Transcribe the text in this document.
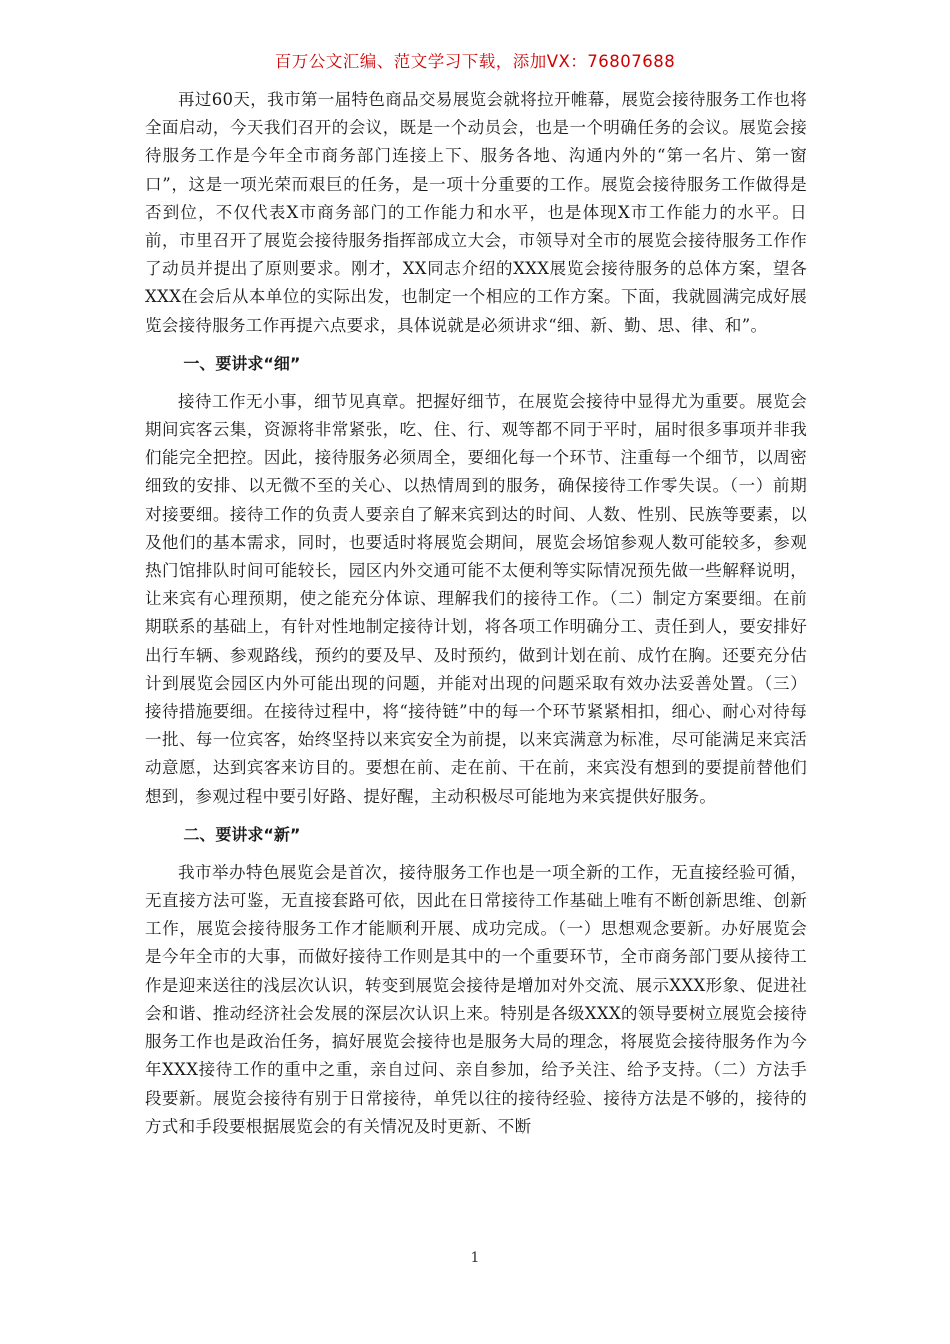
百万公文汇编、范文学习下载，添加VX：76807688

再过60天，我市第一届特色商品交易展览会就将拉开帷幕，展览会接待服务工作也将全面启动，今天我们召开的会议，既是一个动员会，也是一个明确任务的会议。展览会接待服务工作是今年全市商务部门连接上下、服务各地、沟通内外的“第一名片、第一窗口”，这是一项光荣而艰巨的任务，是一项十分重要的工作。展览会接待服务工作做得是否到位，不仅代表X市商务部门的工作能力和水平，也是体现X市工作能力的水平。日前，市里召开了展览会接待服务指挥部成立大会，市领导对全市的展览会接待服务工作作了动员并提出了原则要求。刚才，XX同志介绍的XXX展览会接待服务的总体方案，望各XXX在会后从本单位的实际出发，也制定一个相应的工作方案。下面，我就圆满完成好展览会接待服务工作再提六点要求，具体说就是必须讲求“细、新、勤、思、律、和”。

一、要讲求“细”

接待工作无小事，细节见真章。把握好细节，在展览会接待中显得尤为重要。展览会期间宾客云集，资源将非常紧张，吃、住、行、观等都不同于平时，届时很多事项并非我们能完全把控。因此，接待服务必须周全，要细化每一个环节、注重每一个细节，以周密细致的安排、以无微不至的关心、以热情周到的服务，确保接待工作零失误。（一）前期对接要细。接待工作的负责人要亲自了解来宾到达的时间、人数、性别、民族等要素，以及他们的基本需求，同时，也要适时将展览会期间，展览会场馆参观人数可能较多，参观热门馆排队时间可能较长，园区内外交通可能不太便利等实际情况预先做一些解释说明，让来宾有心理预期，使之能充分体谅、理解我们的接待工作。（二）制定方案要细。在前期联系的基础上，有针对性地制定接待计划，将各项工作明确分工、责任到人，要安排好出行车辆、参观路线，预约的要及早、及时预约，做到计划在前、成竹在胸。还要充分估计到展览会园区内外可能出现的问题，并能对出现的问题采取有效办法妥善处置。（三）接待措施要细。在接待过程中，将“接待链”中的每一个环节紧紧相扣，细心、耐心对待每一批、每一位宾客，始终坚持以来宾安全为前提，以来宾满意为标准，尽可能满足来宾活动意愿，达到宾客来访目的。要想在前、走在前、干在前，来宾没有想到的要提前替他们想到，参观过程中要引好路、提好醒，主动积极尽可能地为来宾提供好服务。

二、要讲求“新”

我市举办特色展览会是首次，接待服务工作也是一项全新的工作，无直接经验可循，无直接方法可鉴，无直接套路可依，因此在日常接待工作基础上唯有不断创新思维、创新工作，展览会接待服务工作才能顺利开展、成功完成。（一）思想观念要新。办好展览会是今年全市的大事，而做好接待工作则是其中的一个重要环节，全市商务部门要从接待工作是迎来送往的浅层次认识，转变到展览会接待是增加对外交流、展示XXX形象、促进社会和谐、推动经济社会发展的深层次认识上来。特别是各级XXX的领导要树立展览会接待服务工作也是政治任务，搞好展览会接待也是服务大局的理念，将展览会接待服务作为今年XXX接待工作的重中之重，亲自过问、亲自参加，给予关注、给予支持。（二）方法手段要新。展览会接待有别于日常接待，单凭以往的接待经验、接待方法是不够的，接待的方式和手段要根据展览会的有关情况及时更新、不断

1
